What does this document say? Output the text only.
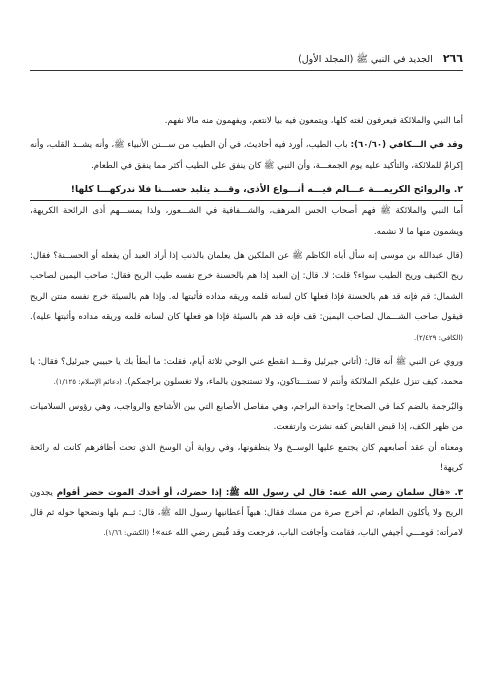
٢٦٦
الجديد في النبي ﷺ (المجلد الأول)

أما النبي والملائكة فيعرفون لغته كلها، ويتمعون فيه بيا لانتعم، ويفهمون منه مالا نفهم.

وقد في الـــكافي (٦٠/٦٠): باب الطيب، أورد فيه أحاديث، في أن الطيب من ســـنن الأنبياء ﷺ، وأنه يشــد القلب، وأنه إكرامٌ للملائكة، والتأكيد عليه يوم الجمعـــة، وأن النبي ﷺ كان ينفق على الطيب أكثر مما ينفق في الطعام.

٢. والروائح الكريمـــة عـــالم فيـــه أنـــواع الأذى، وقـــد يتلبد حســـنا فلا ندركهـــا كلها!

أما النبي والملائكة ﷺ فهم أصحاب الحس المرهف، والشـــفافية في الشـــعور، ولذا يمســـهم أذى الرائحة الكريهة، ويشمون منها ما لا نشمه.

(قال عبدالله بن موسى إنه سأل أباه الكاظم ﷺ عن الملكين هل يعلمان بالذنب إذا أراد العبد أن يفعله أو الحســنة؟ فقال: ريح الكنيف وريح الطيب سواء؟ قلت: لا. قال: إن العبد إذا هم بالحسنة خرج نفسه طيب الريح فقال: صاحب اليمين لصاحب الشمال: قم فإنه قد هم بالحسنة فإذا فعلها كان لسانه قلمه وريقه مداده فأثبتها له. وإذا هم بالسيئة خرج نفسه منتن الريح فيقول صاحب الشـــمال لصاحب اليمين: قف فإنه قد هم بالسيئة فإذا هو فعلها كان لسانه قلمه وريقه مداده وأثبتها عليه). (الكافي: ٢/٤٢٩).

وروي عن النبي ﷺ أنه قال: (أتاني جبرئيل وقـــد انقطع عني الوحي ثلاثة أيام، فقلت: ما أبطأ بك يا حبيبي جبرئيل؟ فقال: يا محمد، كيف تنزل عليكم الملائكة وأنتم لا تستـــتاكون، ولا تستنجون بالماء، ولا تغسلون براجمكم). (دعائم الإسلام: ١/١٢٥).

والبُرجمة بالضم كما في الصحاح: واحدة البراجم، وهي مفاصل الأصابع التي بين الأشاجع والرواجب، وهي رؤوس السلاميات من ظهر الكف، إذا قبض القابض كفه نشزت وارتفعت.

ومعناه أن عقد أصابعهم كان يجتمع عليها الوســخ ولا ينظفونها، وفي رواية أن الوسخ الذي تحت أظافرهم كانت له رائحة كريهة!

٣. «قال سلمان رضي الله عنه: قال لي رسول الله ﷺ: إذا حضرك، أو أخذك الموت حضر أقوام يجدون الريح ولا يأكلون الطعام، ثم أخرج صرة من مسك فقال: هبهاً أعطانيها رسول الله ﷺ، قال: ثــم بلها ونضحها حوله ثم قال لامرأته: قومـــي أجيفي الباب، فقامت وأجافت الباب، فرجعت وقد قُبض رضي الله عنه»! (الكشي: ١/٦٦).
